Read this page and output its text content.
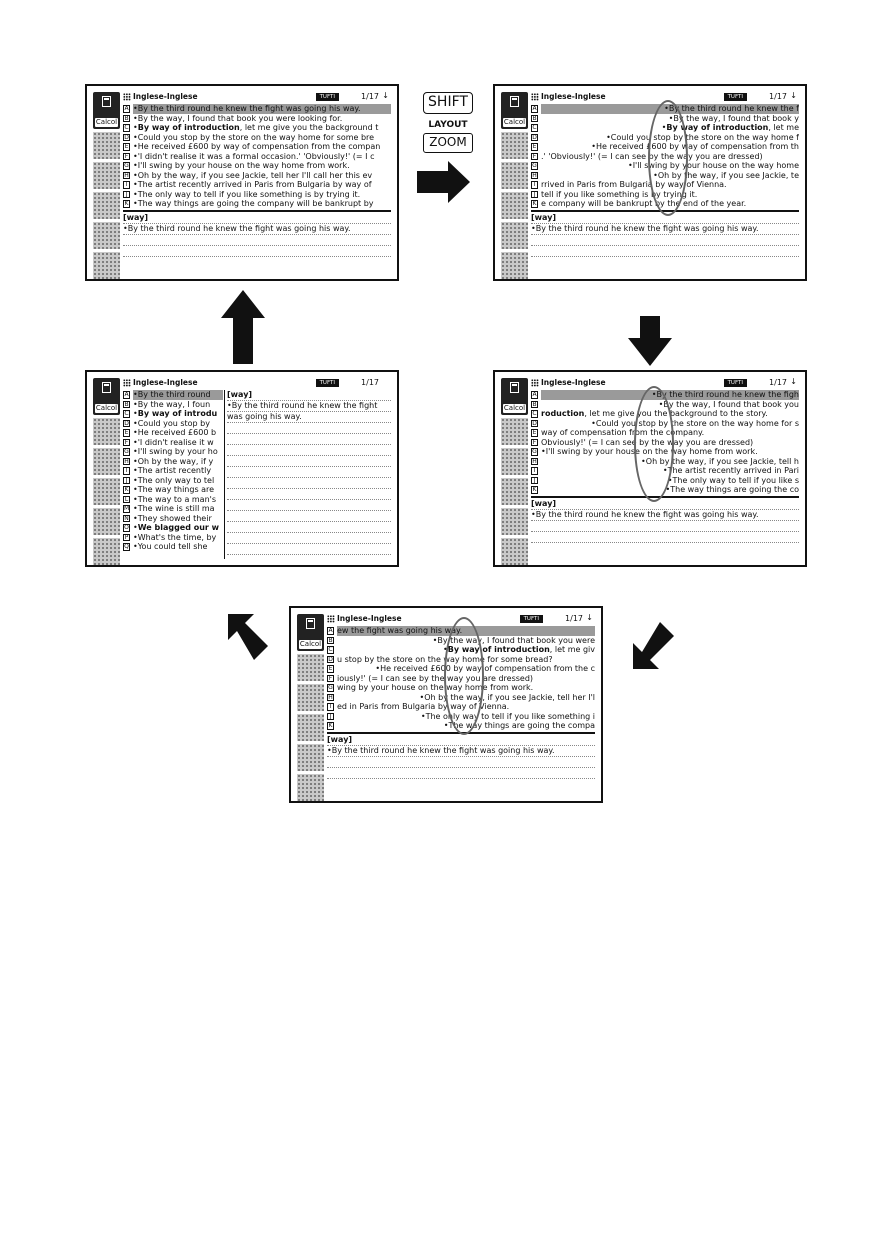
SHIFT
LAYOUT
ZOOM
Calcol
Inglese-Inglese	TUFTI	1/17 ↓
A •By the third round he knew the fight was going his way.
B •By the way, I found that book you were looking for.
C •By way of introduction, let me give you the background t
D •Could you stop by the store on the way home for some bre
E •He received £600 by way of compensation from the compan
F •'I didn't realise it was a formal occasion.' 'Obviously!' (= I c
G •I'll swing by your house on the way home from work.
H •Oh by the way, if you see Jackie, tell her I'll call her this ev
I •The artist recently arrived in Paris from Bulgaria by way of
J •The only way to tell if you like something is by trying it.
K •The way things are going the company will be bankrupt by
[way]
•By the third round he knew the fight was going his way.
Calcol
Inglese-Inglese	TUFTI	1/17 ↓
A	•By the third round he knew the f
B	•By the way, I found that book y
C	•By way of introduction, let me
D	•Could you stop by the store on the way home f
E	•He received £600 by way of compensation from th
F .' 'Obviously!' (= I can see by the way you are dressed)
G	•I'll swing by your house on the way home
H	•Oh by the way, if you see Jackie, te
I rrived in Paris from Bulgaria by way of Vienna.
J tell if you like something is by trying it.
K e company will be bankrupt by the end of the year.
[way]
•By the third round he knew the fight was going his way.
Calcol
Inglese-Inglese	TUFTI	1/17 ↓
A	•By the third round he knew the figh
B	•By the way, I found that book you
C roduction, let me give you the background to the story.
D	•Could you stop by the store on the way home for s
E way of compensation from the company.
F Obviously!' (= I can see by the way you are dressed)
G •I'll swing by your house on the way home from work.
H	•Oh by the way, if you see Jackie, tell h
I	•The artist recently arrived in Pari
J	•The only way to tell if you like s
K	•The way things are going the co
[way]
•By the third round he knew the fight was going his way.
Calcol
Inglese-Inglese	TUFTI	1/17
A •By the third round
B •By the way, I foun
C •By way of introdu
D •Could you stop by
E •He received £600 b
F •'I didn't realise it w
G •I'll swing by your ho
H •Oh by the way, if y
I •The artist recently
J •The only way to tel
K •The way things are
L •The way to a man's
M •The wine is still ma
N •They showed their
O •We blagged our w
P •What's the time, by
Q •You could tell she
[way]
•By the third round he knew the fight
was going his way.
Calcol
Inglese-Inglese	TUFTI	1/17 ↓
A ew the fight was going his way.
B	•By the way, I found that book you were
C	•By way of introduction, let me giv
D u stop by the store on the way home for some bread?
E	•He received £600 by way of compensation from the c
F iously!' (= I can see by the way you are dressed)
G wing by your house on the way home from work.
H	•Oh by the way, if you see Jackie, tell her I'l
I ed in Paris from Bulgaria by way of Vienna.
J	•The only way to tell if you like something i
K	•The way things are going the compa
[way]
•By the third round he knew the fight was going his way.
